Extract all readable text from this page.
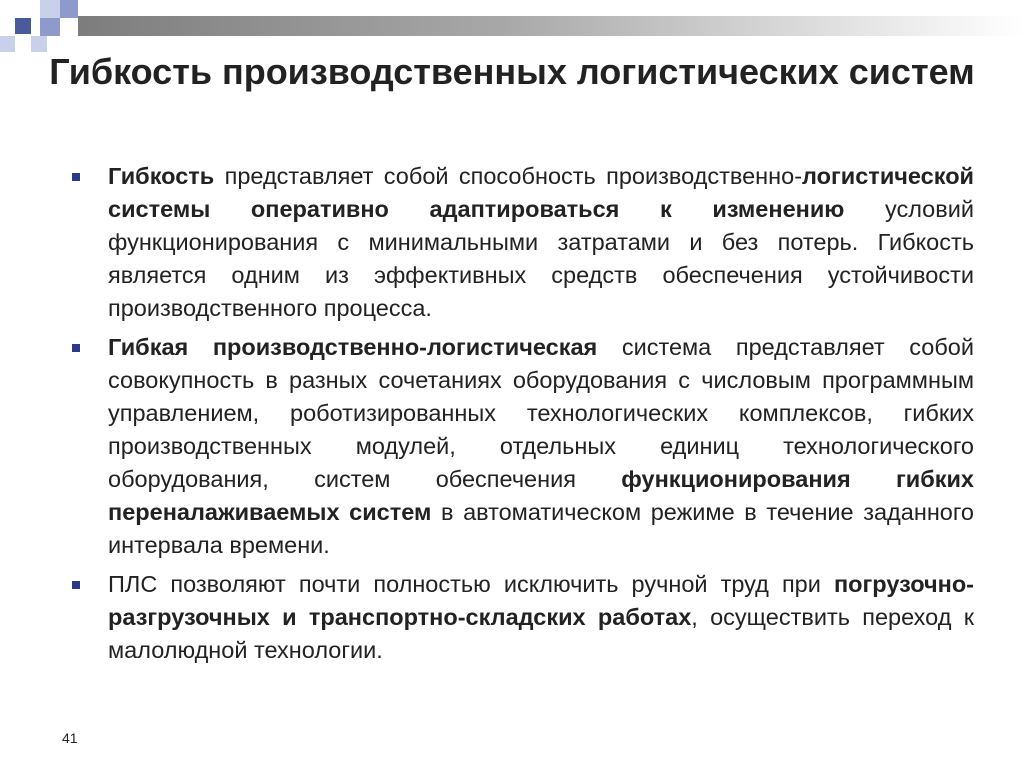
Гибкость производственных логистических систем
Гибкость представляет собой способность производственно-логистической системы оперативно адаптироваться к изменению условий функционирования с минимальными затратами и без потерь. Гибкость является одним из эффективных средств обеспечения устойчивости производственного процесса.
Гибкая производственно-логистическая система представляет собой совокупность в разных сочетаниях оборудования с числовым программным управлением, роботизированных технологических комплексов, гибких производственных модулей, отдельных единиц технологического оборудования, систем обеспечения функционирования гибких переналаживаемых систем в автоматическом режиме в течение заданного интервала времени.
ПЛС позволяют почти полностью исключить ручной труд при погрузочно-разгрузочных и транспортно-складских работах, осуществить переход к малолюдной технологии.
41
